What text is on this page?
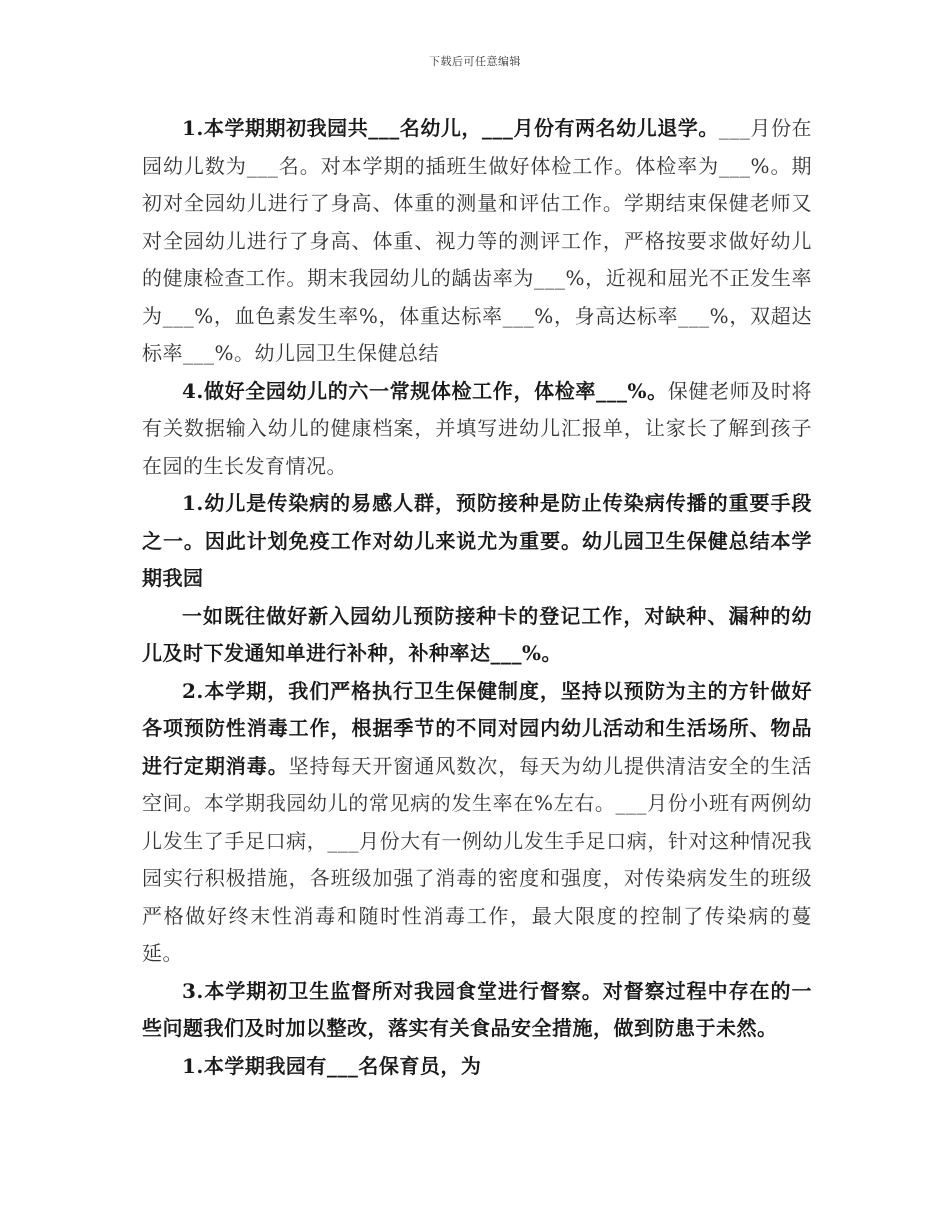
下载后可任意编辑

1.本学期期初我园共___名幼儿，___月份有两名幼儿退学。___月份在园幼儿数为___名。对本学期的插班生做好体检工作。体检率为___%。期初对全园幼儿进行了身高、体重的测量和评估工作。学期结束保健老师又对全园幼儿进行了身高、体重、视力等的测评工作，严格按要求做好幼儿的健康检查工作。期末我园幼儿的龋齿率为___%，近视和屈光不正发生率为___%，血色素发生率%，体重达标率___%，身高达标率___%，双超达标率___%。幼儿园卫生保健总结

4.做好全园幼儿的六一常规体检工作，体检率___%。保健老师及时将有关数据输入幼儿的健康档案，并填写进幼儿汇报单，让家长了解到孩子在园的生长发育情况。

1.幼儿是传染病的易感人群，预防接种是防止传染病传播的重要手段之一。因此计划免疫工作对幼儿来说尤为重要。幼儿园卫生保健总结本学期我园

一如既往做好新入园幼儿预防接种卡的登记工作，对缺种、漏种的幼儿及时下发通知单进行补种，补种率达___%。

2.本学期，我们严格执行卫生保健制度，坚持以预防为主的方针做好各项预防性消毒工作，根据季节的不同对园内幼儿活动和生活场所、物品进行定期消毒。坚持每天开窗通风数次，每天为幼儿提供清洁安全的生活空间。本学期我园幼儿的常见病的发生率在%左右。___月份小班有两例幼儿发生了手足口病，___月份大有一例幼儿发生手足口病，针对这种情况我园实行积极措施，各班级加强了消毒的密度和强度，对传染病发生的班级严格做好终末性消毒和随时性消毒工作，最大限度的控制了传染病的蔓延。

3.本学期初卫生监督所对我园食堂进行督察。对督察过程中存在的一些问题我们及时加以整改，落实有关食品安全措施，做到防患于未然。

1.本学期我园有___名保育员，为
